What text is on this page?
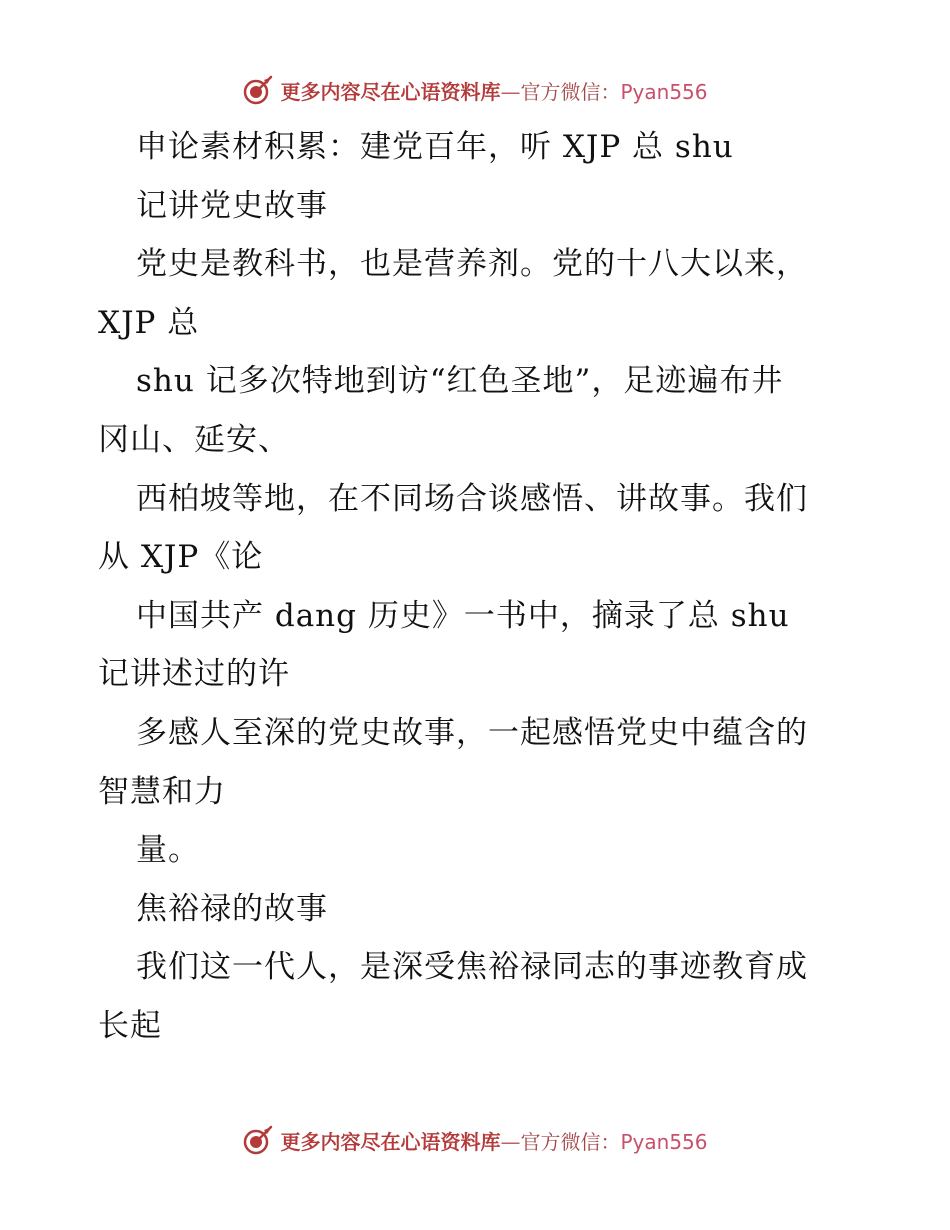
更多内容尽在心语资料库—官方微信：Pyan556
申论素材积累：建党百年，听 XJP 总 shu
记讲党史故事
党史是教科书，也是营养剂。党的十八大以来，
XJP 总
shu 记多次特地到访“红色圣地”，足迹遍布井
冈山、延安、
西柏坡等地，在不同场合谈感悟、讲故事。我们
从 XJP《论
中国共产 dang 历史》一书中，摘录了总 shu
记讲述过的许
多感人至深的党史故事，一起感悟党史中蕴含的
智慧和力
量。
焦裕禄的故事
我们这一代人，是深受焦裕禄同志的事迹教育成
长起
更多内容尽在心语资料库—官方微信：Pyan556
